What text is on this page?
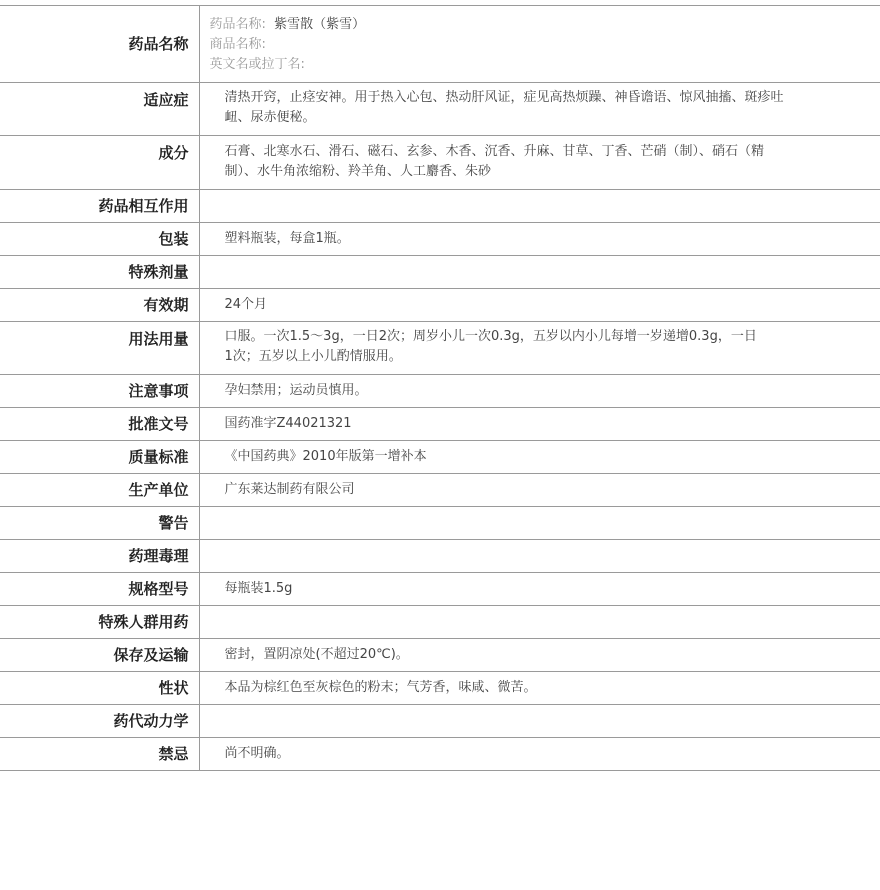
药品名称	药品名称: 紫雪散（紫雪）
商品名称:
英文名或拉丁名:

适应症	清热开窍，止痉安神。用于热入心包、热动肝风证，症见高热烦躁、神昏谵语、惊风抽搐、斑疹吐衄、尿赤便秘。
成分	石膏、北寒水石、滑石、磁石、玄参、木香、沉香、升麻、甘草、丁香、芒硝（制）、硝石（精制）、水牛角浓缩粉、羚羊角、人工麝香、朱砂
药品相互作用	
包装	塑料瓶装，每盒1瓶。
特殊剂量	
有效期	24个月
用法用量	口服。一次1.5～3g，一日2次；周岁小儿一次0.3g，五岁以内小儿每增一岁递增0.3g，一日1次；五岁以上小儿酌情服用。
注意事项	孕妇禁用；运动员慎用。
批准文号	国药准字Z44021321
质量标准	《中国药典》2010年版第一增补本
生产单位	广东莱达制药有限公司
警告	
药理毒理	
规格型号	每瓶装1.5g
特殊人群用药	
保存及运输	密封，置阴凉处(不超过20℃)。
性状	本品为棕红色至灰棕色的粉末；气芳香，味咸、微苦。
药代动力学	
禁忌	尚不明确。
